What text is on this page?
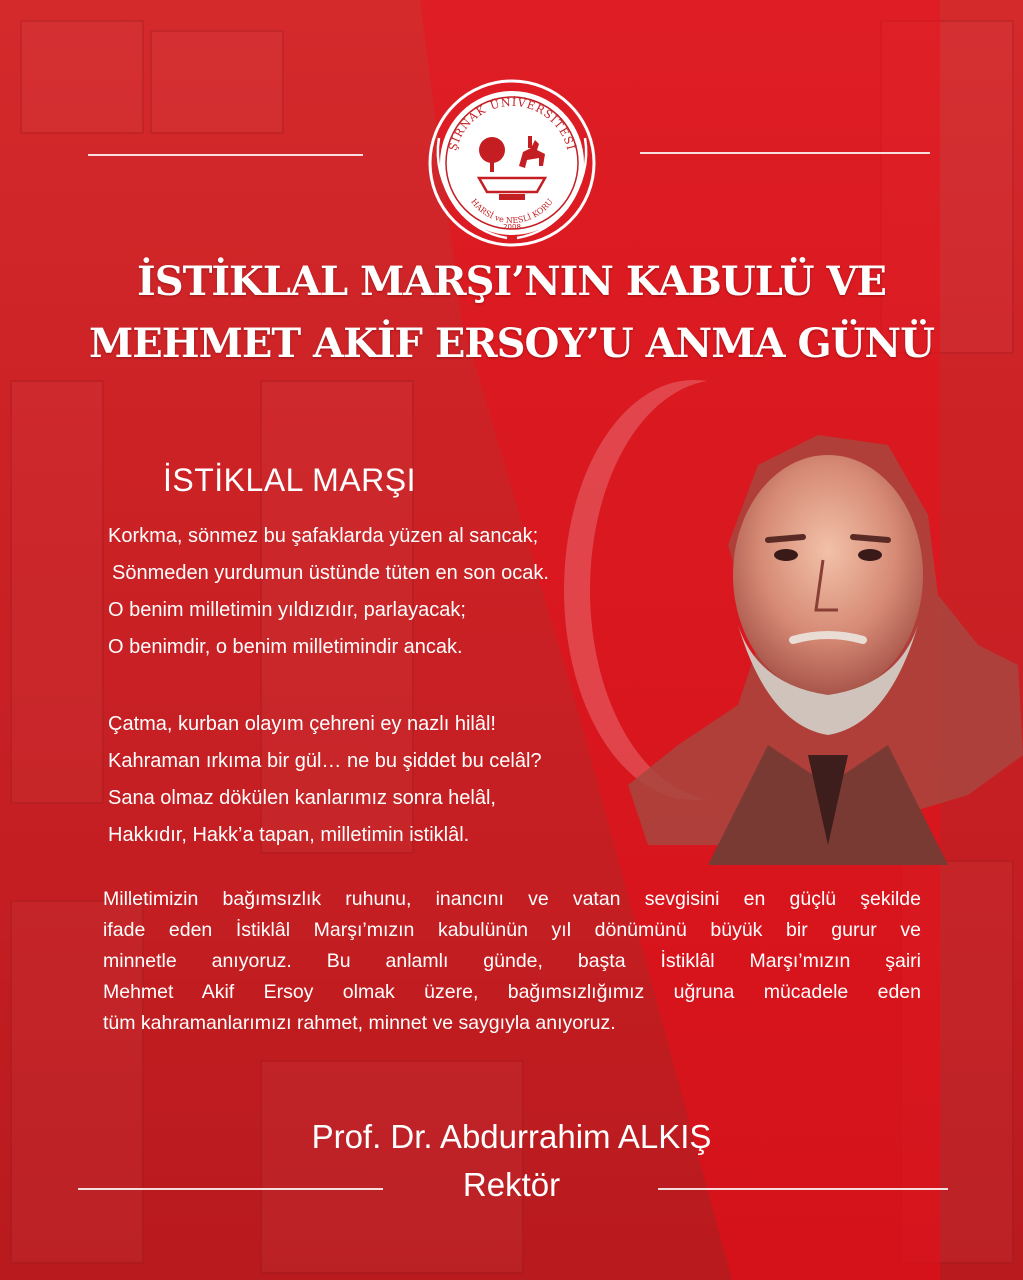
ŞIRNAK ÜNİVERSİTESİ
HARSİ ve NESLİ KORU
2008
İSTİKLAL MARŞI’NIN KABULÜ VE
MEHMET AKİF ERSOY’U ANMA GÜNÜ
İSTİKLAL MARŞI
Korkma, sönmez bu şafaklarda yüzen al sancak;
Sönmeden yurdumun üstünde tüten en son ocak.
O benim milletimin yıldızıdır, parlayacak;
O benimdir, o benim milletimindir ancak.
Çatma, kurban olayım çehreni ey nazlı hilâl!
Kahraman ırkıma bir gül… ne bu şiddet bu celâl?
Sana olmaz dökülen kanlarımız sonra helâl,
Hakkıdır, Hakk’a tapan, milletimin istiklâl.
Milletimizin bağımsızlık ruhunu, inancını ve vatan sevgisini en güçlü şekilde
ifade eden İstiklâl Marşı’mızın kabulünün yıl dönümünü büyük bir gurur ve
minnetle anıyoruz. Bu anlamlı günde, başta İstiklâl Marşı’mızın şairi
Mehmet Akif Ersoy olmak üzere, bağımsızlığımız uğruna mücadele eden
tüm kahramanlarımızı rahmet, minnet ve saygıyla anıyoruz.
Prof. Dr. Abdurrahim ALKIŞ
Rektör
